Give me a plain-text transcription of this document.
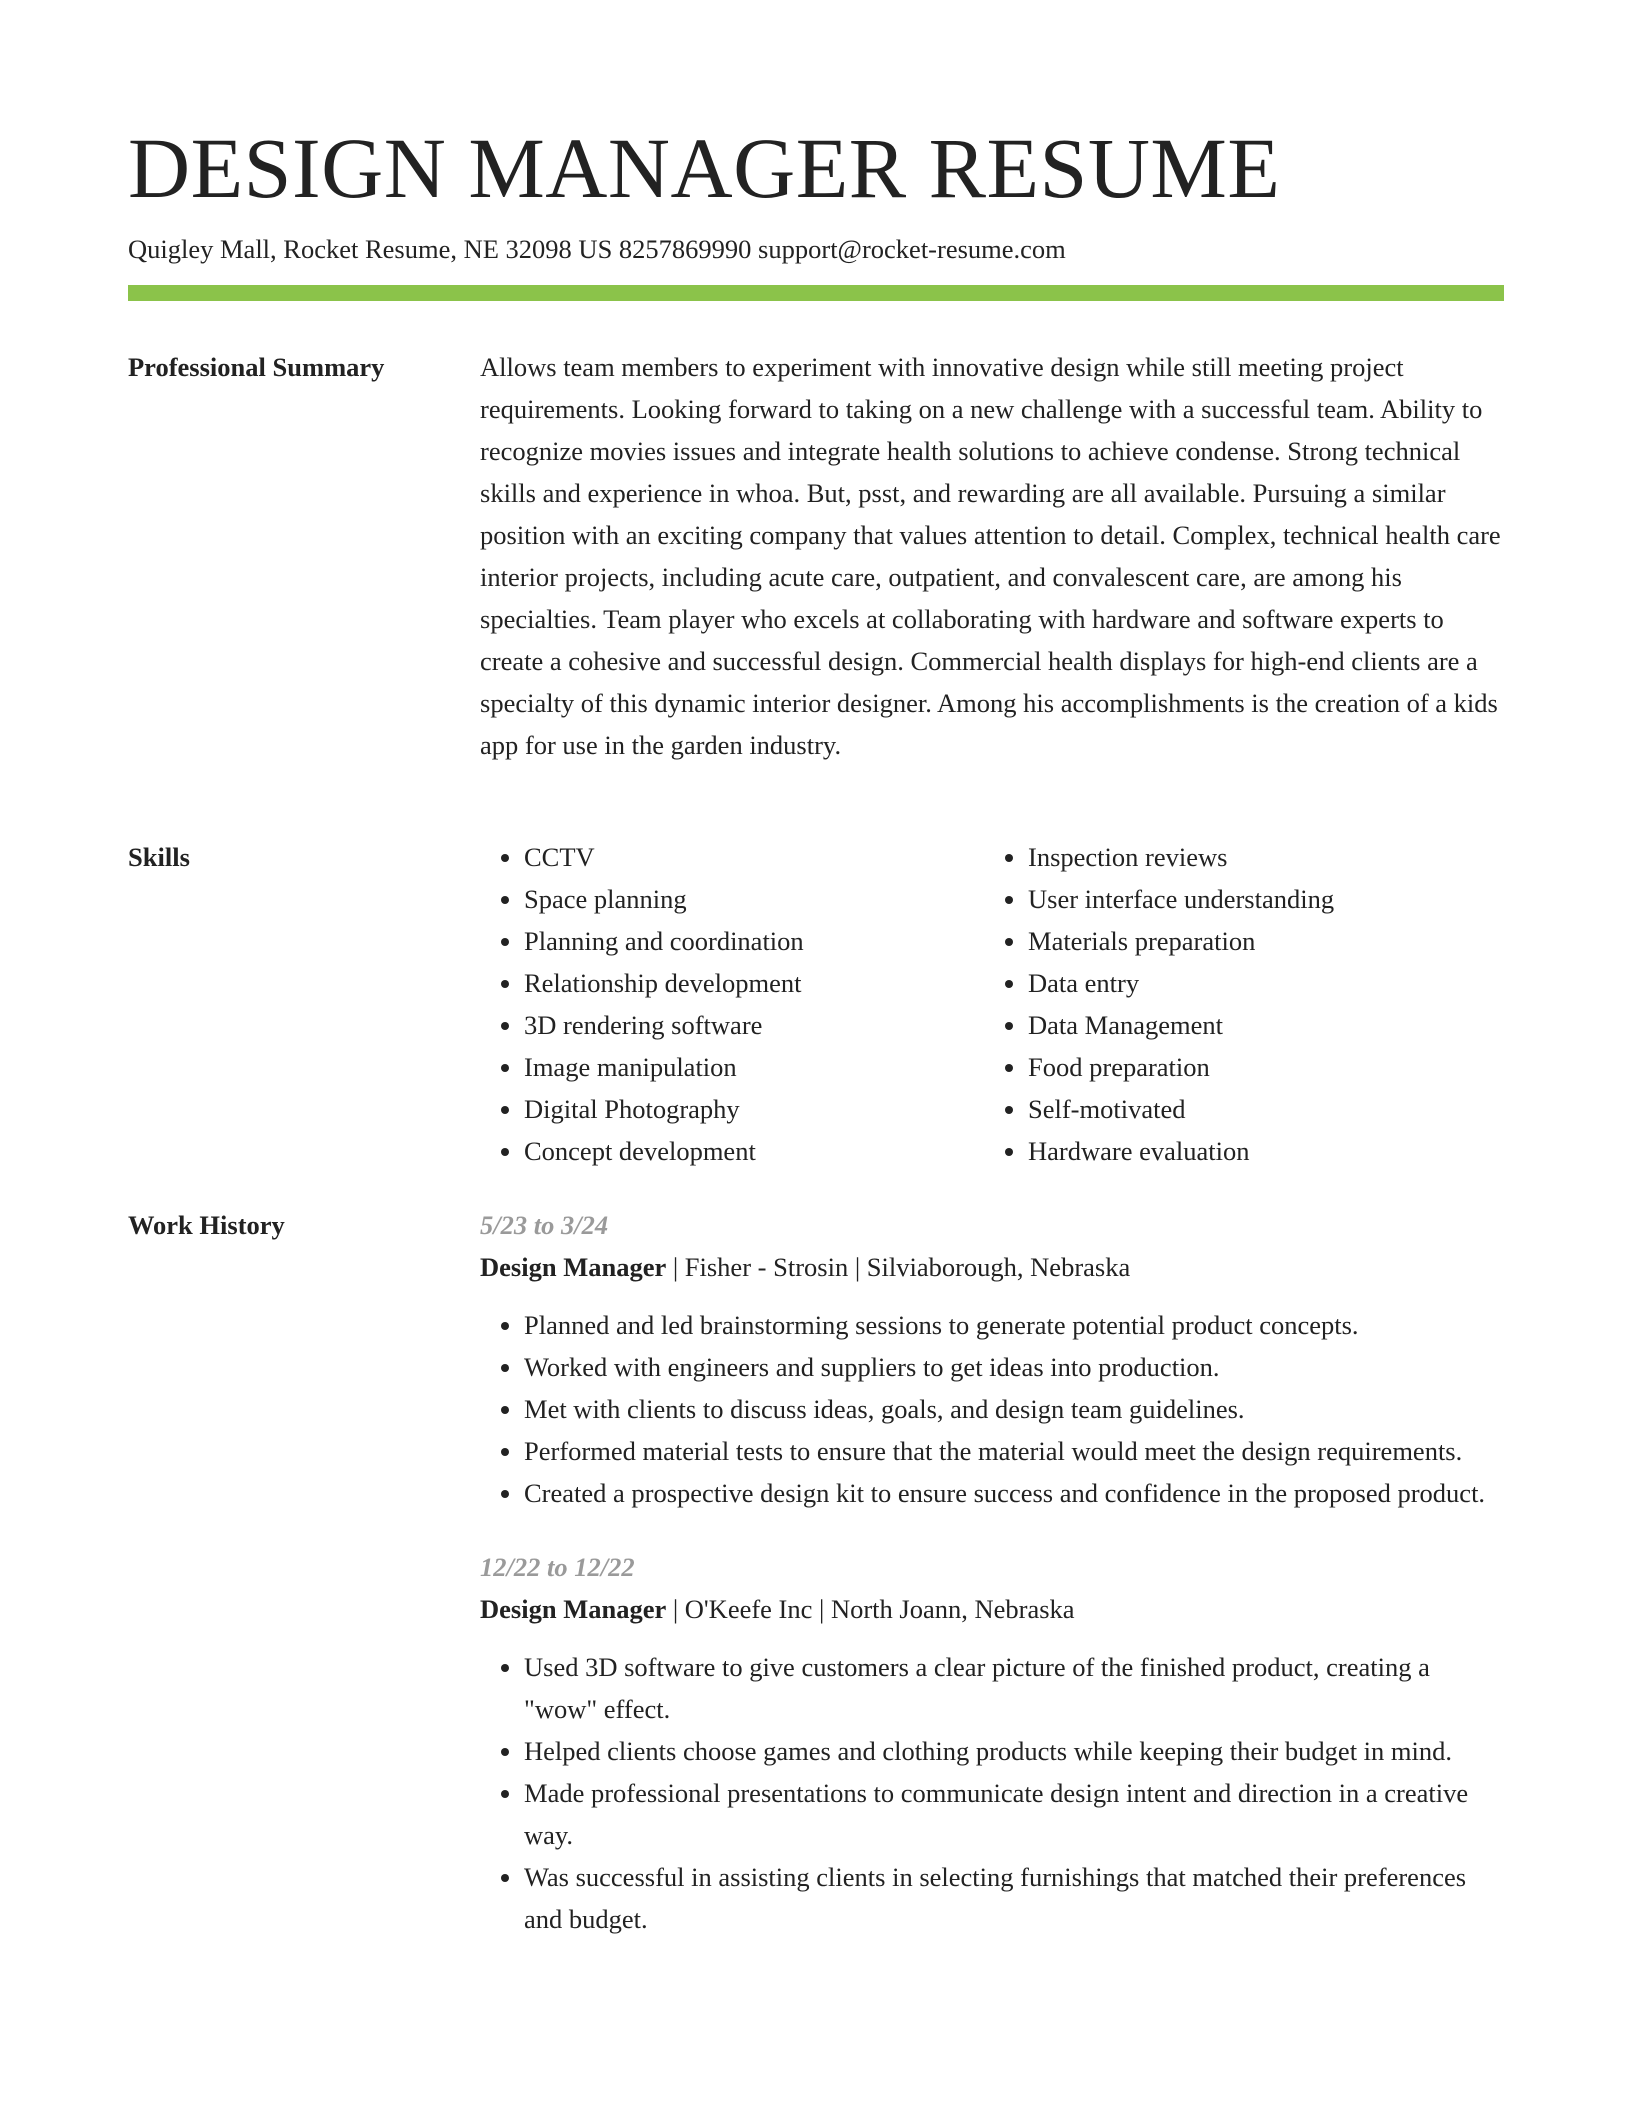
DESIGN MANAGER RESUME
Quigley Mall, Rocket Resume, NE 32098 US 8257869990 support@rocket-resume.com
Professional Summary	Allows team members to experiment with innovative design while still meeting project requirements. Looking forward to taking on a new challenge with a successful team. Ability to recognize movies issues and integrate health solutions to achieve condense. Strong technical skills and experience in whoa. But, psst, and rewarding are all available. Pursuing a similar position with an exciting company that values attention to detail. Complex, technical health care interior projects, including acute care, outpatient, and convalescent care, are among his specialties. Team player who excels at collaborating with hardware and software experts to create a cohesive and successful design. Commercial health displays for high-end clients are a specialty of this dynamic interior designer. Among his accomplishments is the creation of a kids app for use in the garden industry.

Skills
•	CCTV
• Space planning
• Planning and coordination
• Relationship development
• 3D rendering software
• Image manipulation
• Digital Photography
• Concept development
• Inspection reviews
• User interface understanding
• Materials preparation
• Data entry
• Data Management
• Food preparation
• Self-motivated
• Hardware evaluation
Work History	5/23 to 3/24
Design Manager | Fisher - Strosin | Silviaborough, Nebraska
• Planned and led brainstorming sessions to generate potential product concepts.
• Worked with engineers and suppliers to get ideas into production.
• Met with clients to discuss ideas, goals, and design team guidelines.
• Performed material tests to ensure that the material would meet the design requirements.
• Created a prospective design kit to ensure success and confidence in the proposed product.
12/22 to 12/22
Design Manager | O'Keefe Inc | North Joann, Nebraska
• Used 3D software to give customers a clear picture of the finished product, creating a "wow" effect.
• Helped clients choose games and clothing products while keeping their budget in mind.
• Made professional presentations to communicate design intent and direction in a creative way.
• Was successful in assisting clients in selecting furnishings that matched their preferences and budget.
